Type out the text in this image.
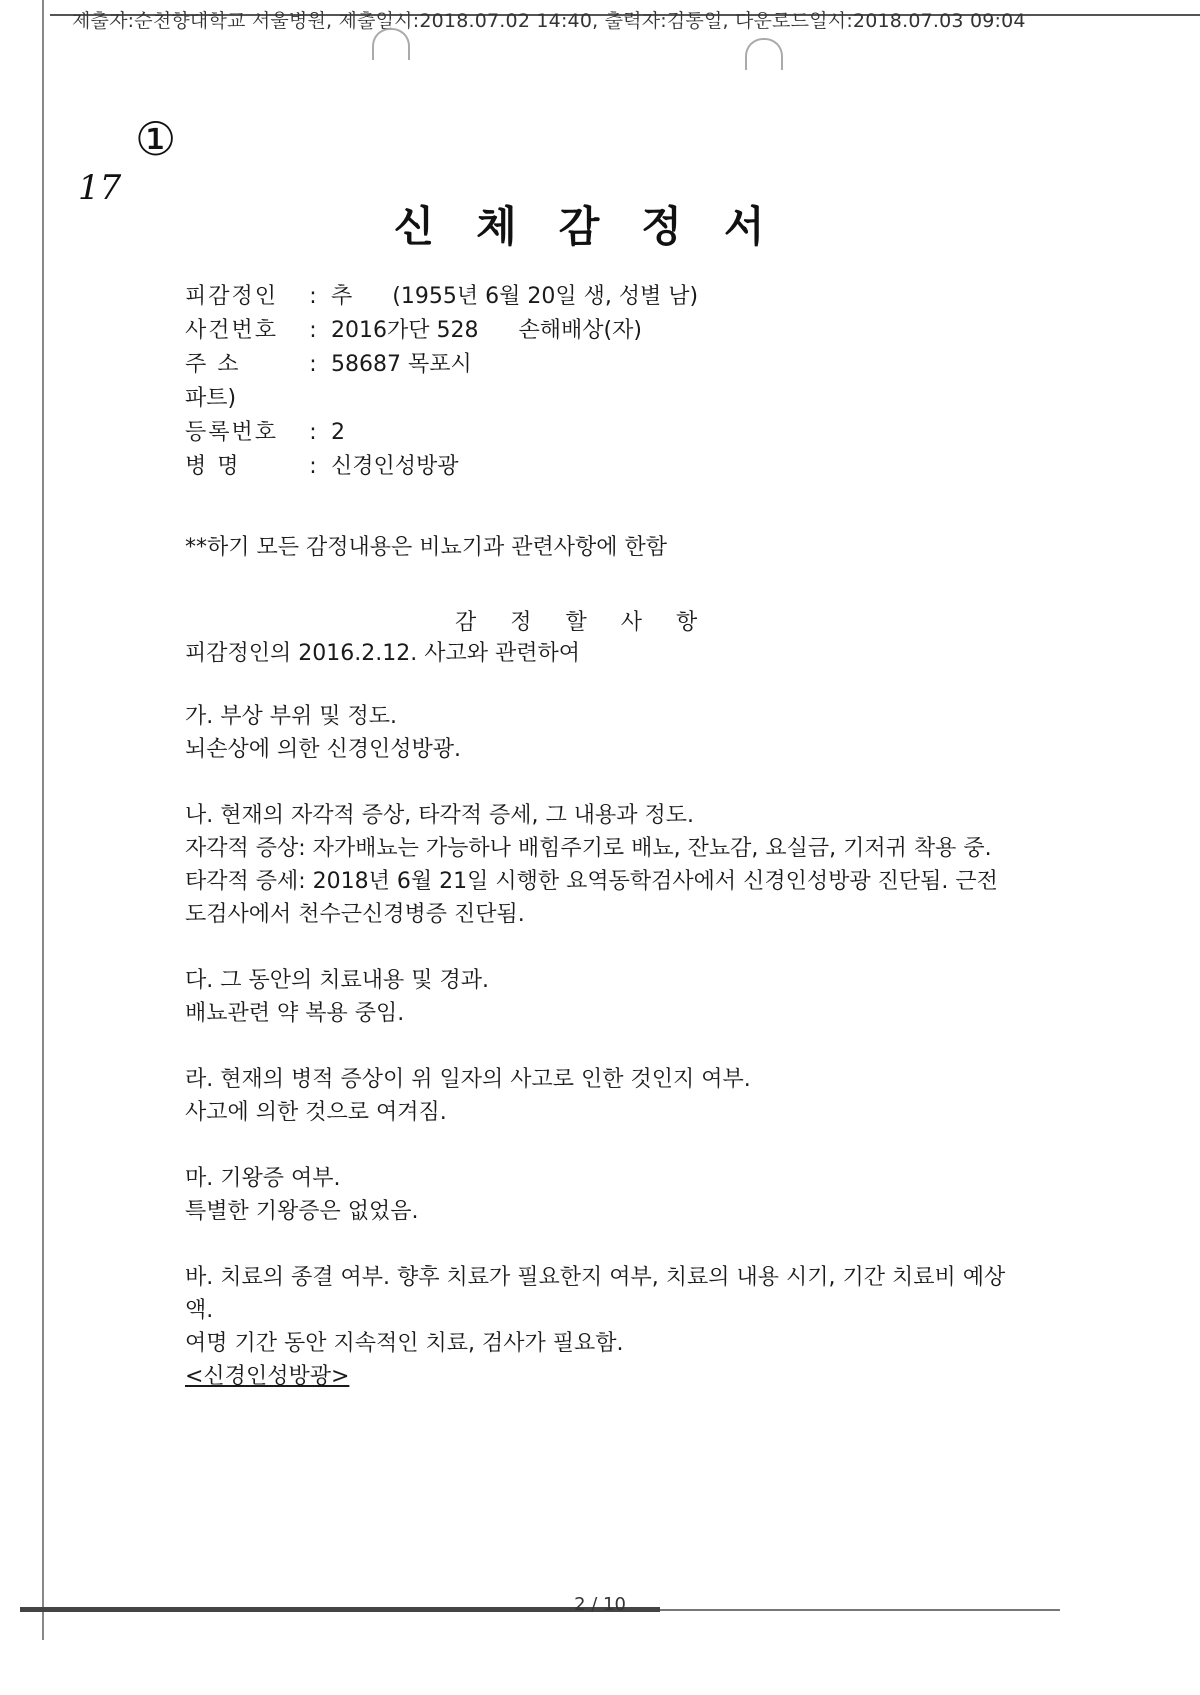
제출자:순천향대학교 서울병원, 제출일시:2018.07.02 14:40, 출력자:김동일, 다운로드일시:2018.07.03 09:04
①
17
신체감정서
피감정인	: 추 (1955년 6월 20일 생, 성별 남)
사건번호	: 2016가단 528 손해배상(자)
주 소	: 58687 목포시
파트)
등록번호	: 2
병 명	: 신경인성방광
**하기 모든 감정내용은 비뇨기과 관련사항에 한함
감정할사항
피감정인의 2016.2.12. 사고와 관련하여

가. 부상 부위 및 정도.

뇌손상에 의한 신경인성방광.

나. 현재의 자각적 증상, 타각적 증세, 그 내용과 정도.

자각적 증상: 자가배뇨는 가능하나 배힘주기로 배뇨, 잔뇨감, 요실금, 기저귀 착용 중.

타각적 증세: 2018년 6월 21일 시행한 요역동학검사에서 신경인성방광 진단됨. 근전도검사에서 천수근신경병증 진단됨.

다. 그 동안의 치료내용 및 경과.

배뇨관련 약 복용 중임.

라. 현재의 병적 증상이 위 일자의 사고로 인한 것인지 여부.

사고에 의한 것으로 여겨짐.

마. 기왕증 여부.

특별한 기왕증은 없었음.

바. 치료의 종결 여부. 향후 치료가 필요한지 여부, 치료의 내용 시기, 기간 치료비 예상액.

여명 기간 동안 지속적인 치료, 검사가 필요함.

<신경인성방광>

2 / 10
